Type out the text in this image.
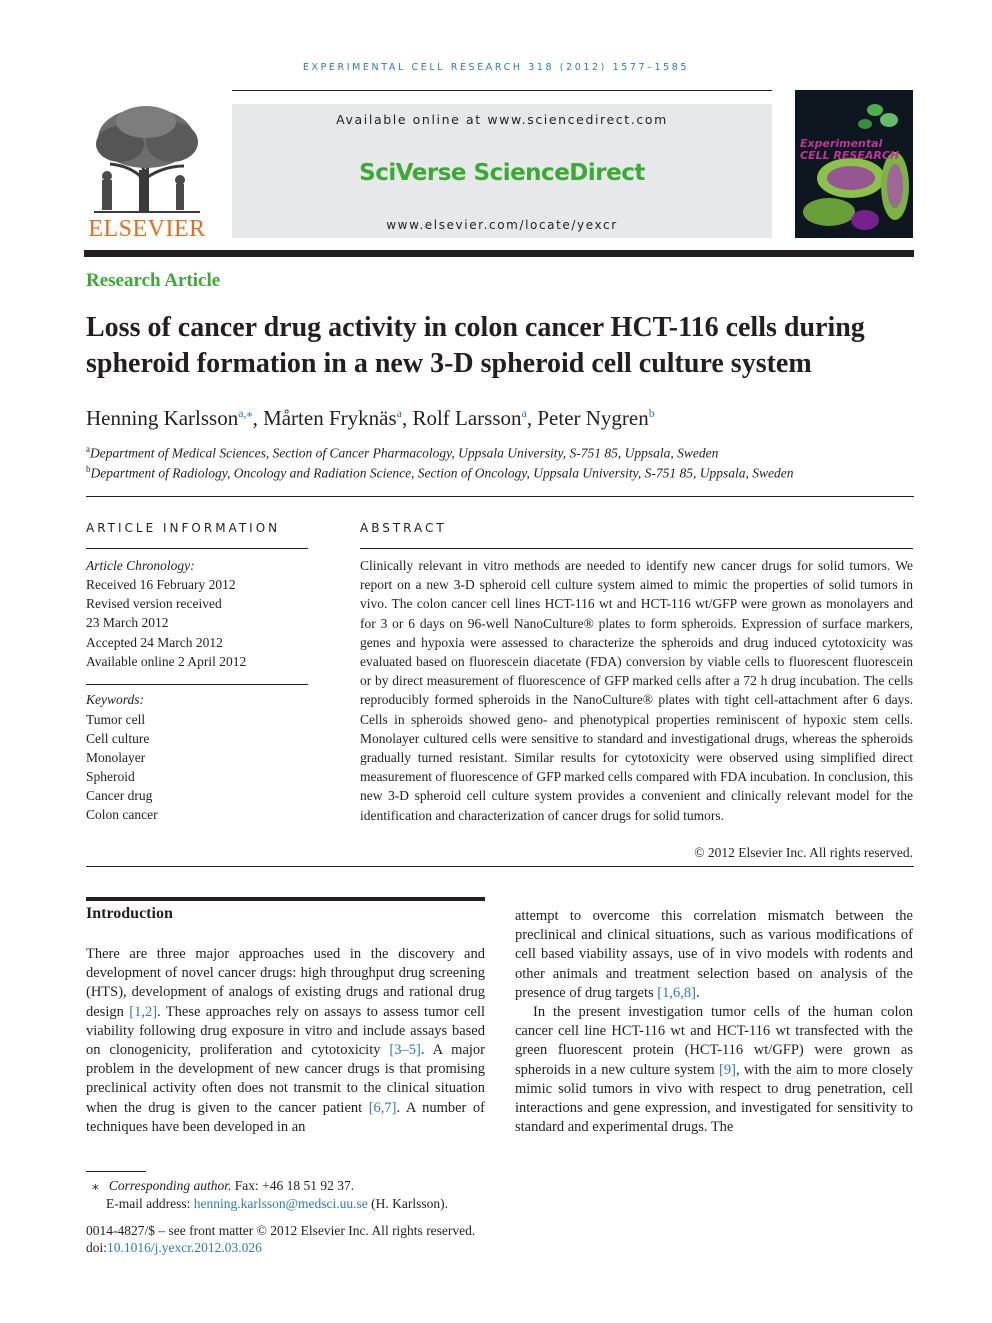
EXPERIMENTAL CELL RESEARCH 318 (2012) 1577–1585
ELSEVIER
Available online at www.sciencedirect.com
SciVerse ScienceDirect
www.elsevier.com/locate/yexcr
Experimental CELL RESEARCH
Research Article
Loss of cancer drug activity in colon cancer HCT-116 cells during spheroid formation in a new 3-D spheroid cell culture system
Henning Karlsson$^{a,⁎}$, Mårten Fryknäs$^a$, Rolf Larsson$^a$, Peter Nygren$^b$
$^a$Department of Medical Sciences, Section of Cancer Pharmacology, Uppsala University, S-751 85, Uppsala, Sweden
$^b$Department of Radiology, Oncology and Radiation Science, Section of Oncology, Uppsala University, S-751 85, Uppsala, Sweden
ARTICLE INFORMATION
Article Chronology:
Received 16 February 2012
Revised version received
23 March 2012
Accepted 24 March 2012
Available online 2 April 2012
Keywords:
Tumor cell
Cell culture
Monolayer
Spheroid
Cancer drug
Colon cancer
ABSTRACT
Clinically relevant in vitro methods are needed to identify new cancer drugs for solid tumors. We report on a new 3-D spheroid cell culture system aimed to mimic the properties of solid tumors in vivo. The colon cancer cell lines HCT-116 wt and HCT-116 wt/GFP were grown as monolayers and for 3 or 6 days on 96-well NanoCulture® plates to form spheroids. Expression of surface markers, genes and hypoxia were assessed to characterize the spheroids and drug induced cytotoxicity was evaluated based on fluorescein diacetate (FDA) conversion by viable cells to fluorescent fluorescein or by direct measurement of fluorescence of GFP marked cells after a 72 h drug incubation. The cells reproducibly formed spheroids in the NanoCulture® plates with tight cell-attachment after 6 days. Cells in spheroids showed geno- and phenotypical properties reminiscent of hypoxic stem cells. Monolayer cultured cells were sensitive to standard and investigational drugs, whereas the spheroids gradually turned resistant. Similar results for cytotoxicity were observed using simplified direct measurement of fluorescence of GFP marked cells compared with FDA incubation. In conclusion, this new 3-D spheroid cell culture system provides a convenient and clinically relevant model for the identification and characterization of cancer drugs for solid tumors.
© 2012 Elsevier Inc. All rights reserved.
Introduction

There are three major approaches used in the discovery and development of novel cancer drugs: high throughput drug screening (HTS), development of analogs of existing drugs and rational drug design [1,2]. These approaches rely on assays to assess tumor cell viability following drug exposure in vitro and include assays based on clonogenicity, proliferation and cytotoxicity [3–5]. A major problem in the development of new cancer drugs is that promising preclinical activity often does not transmit to the clinical situation when the drug is given to the cancer patient [6,7]. A number of techniques have been developed in an

attempt to overcome this correlation mismatch between the preclinical and clinical situations, such as various modifications of cell based viability assays, use of in vivo models with rodents and other animals and treatment selection based on analysis of the presence of drug targets [1,6,8].

In the present investigation tumor cells of the human colon cancer cell line HCT-116 wt and HCT-116 wt transfected with the green fluorescent protein (HCT-116 wt/GFP) were grown as spheroids in a new culture system [9], with the aim to more closely mimic solid tumors in vivo with respect to drug penetration, cell interactions and gene expression, and investigated for sensitivity to standard and experimental drugs. The

⁎ Corresponding author. Fax: +46 18 51 92 37.
E-mail address: henning.karlsson@medsci.uu.se (H. Karlsson).
0014-4827/$ – see front matter © 2012 Elsevier Inc. All rights reserved.
doi:10.1016/j.yexcr.2012.03.026
